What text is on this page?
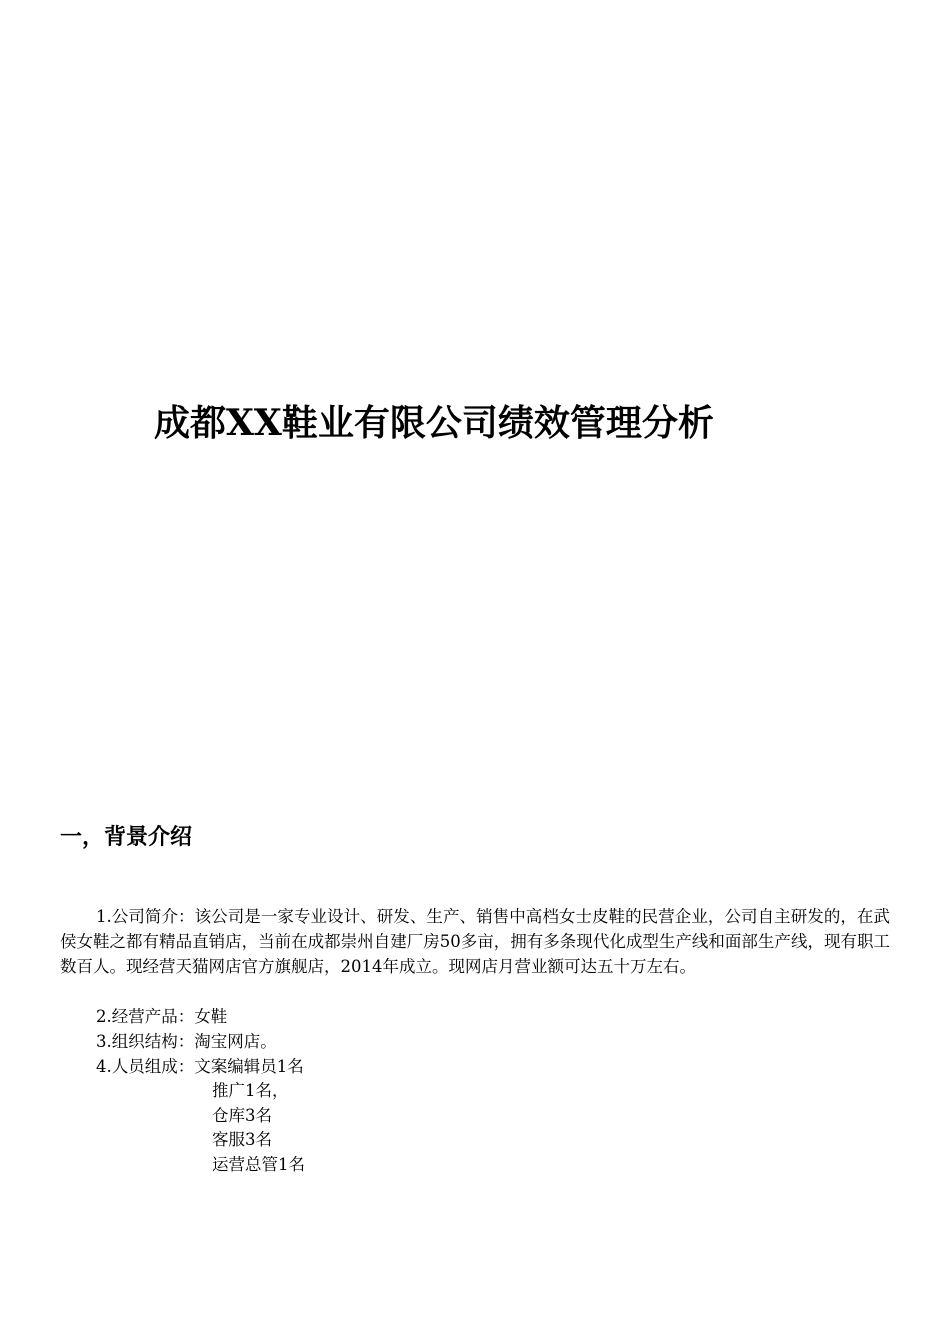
成都XX鞋业有限公司绩效管理分析
一，背景介绍

1.公司简介：该公司是一家专业设计、研发、生产、销售中高档女士皮鞋的民营企业，公司自主研发的，在武侯女鞋之都有精品直销店，当前在成都崇州自建厂房50多亩，拥有多条现代化成型生产线和面部生产线，现有职工数百人。现经营天猫网店官方旗舰店，2014年成立。现网店月营业额可达五十万左右。

2.经营产品：女鞋

3.组织结构：淘宝网店。

4.人员组成：文案编辑员1名

推广1名，
仓库3名
客服3名
运营总管1名
